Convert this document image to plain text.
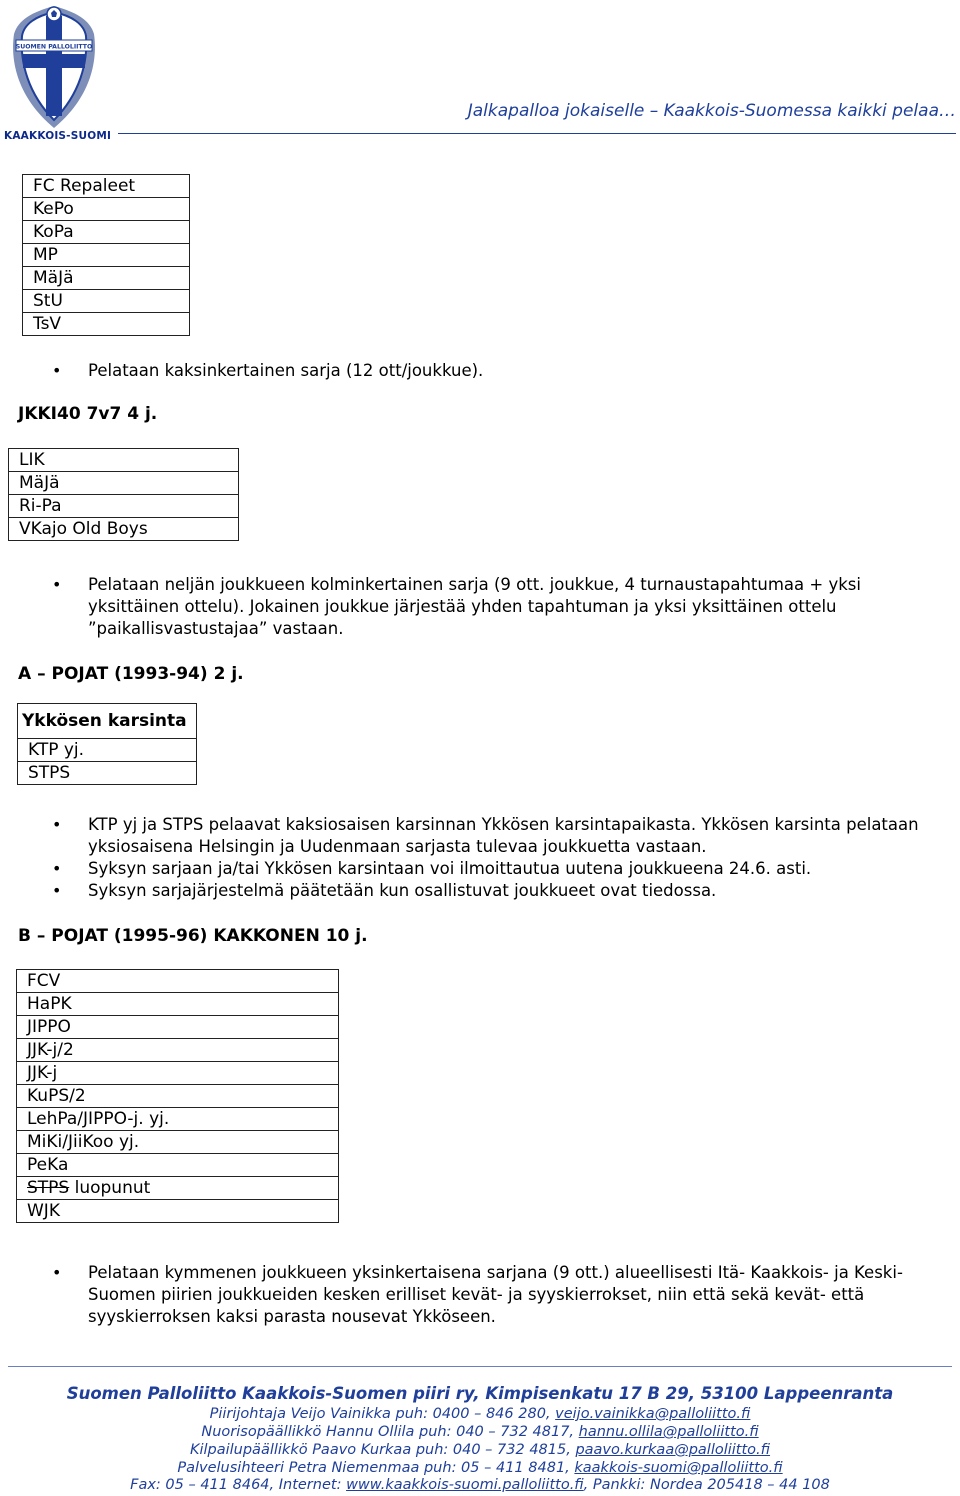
SUOMEN PALLOLIITTO
KAAKKOIS-SUOMI
Jalkapalloa jokaiselle – Kaakkois-Suomessa kaikki pelaa…
FC Repaleet
KePo
KoPa
MP
MäJä
StU
TsV
• Pelataan kaksinkertainen sarja (12 ott/joukkue).
JKKI40 7v7 4 j.
LIK
MäJä
Ri-Pa
VKajo Old Boys
• Pelataan neljän joukkueen kolminkertainen sarja (9 ott. joukkue, 4 turnaustapahtumaa + yksi yksittäinen ottelu). Jokainen joukkue järjestää yhden tapahtuman ja yksi yksittäinen ottelu ”paikallisvastustajaa” vastaan.
A – POJAT (1993-94) 2 j.
Ykkösen karsinta
KTP yj.
STPS
• KTP yj ja STPS pelaavat kaksiosaisen karsinnan Ykkösen karsintapaikasta. Ykkösen karsinta pelataan yksiosaisena Helsingin ja Uudenmaan sarjasta tulevaa joukkuetta vastaan.
• Syksyn sarjaan ja/tai Ykkösen karsintaan voi ilmoittautua uutena joukkueena 24.6. asti.
• Syksyn sarjajärjestelmä päätetään kun osallistuvat joukkueet ovat tiedossa.
B – POJAT (1995-96) KAKKONEN 10 j.
FCV
HaPK
JIPPO
JJK-j/2
JJK-j
KuPS/2
LehPa/JIPPO-j. yj.
MiKi/JiiKoo yj.
PeKa
STPS luopunut
WJK
• Pelataan kymmenen joukkueen yksinkertaisena sarjana (9 ott.) alueellisesti Itä- Kaakkois- ja Keski-Suomen piirien joukkueiden kesken erilliset kevät- ja syyskierrokset, niin että sekä kevät- että syyskierroksen kaksi parasta nousevat Ykköseen.
Suomen Palloliitto Kaakkois-Suomen piiri ry, Kimpisenkatu 17 B 29, 53100 Lappeenranta
Piirijohtaja Veijo Vainikka puh: 0400 – 846 280, veijo.vainikka@palloliitto.fi
Nuorisopäällikkö Hannu Ollila puh: 040 – 732 4817, hannu.ollila@palloliitto.fi
Kilpailupäällikkö Paavo Kurkaa puh: 040 – 732 4815, paavo.kurkaa@palloliitto.fi
Palvelusihteeri Petra Niemenmaa puh: 05 – 411 8481, kaakkois-suomi@palloliitto.fi
Fax: 05 – 411 8464, Internet: www.kaakkois-suomi.palloliitto.fi, Pankki: Nordea 205418 – 44 108
